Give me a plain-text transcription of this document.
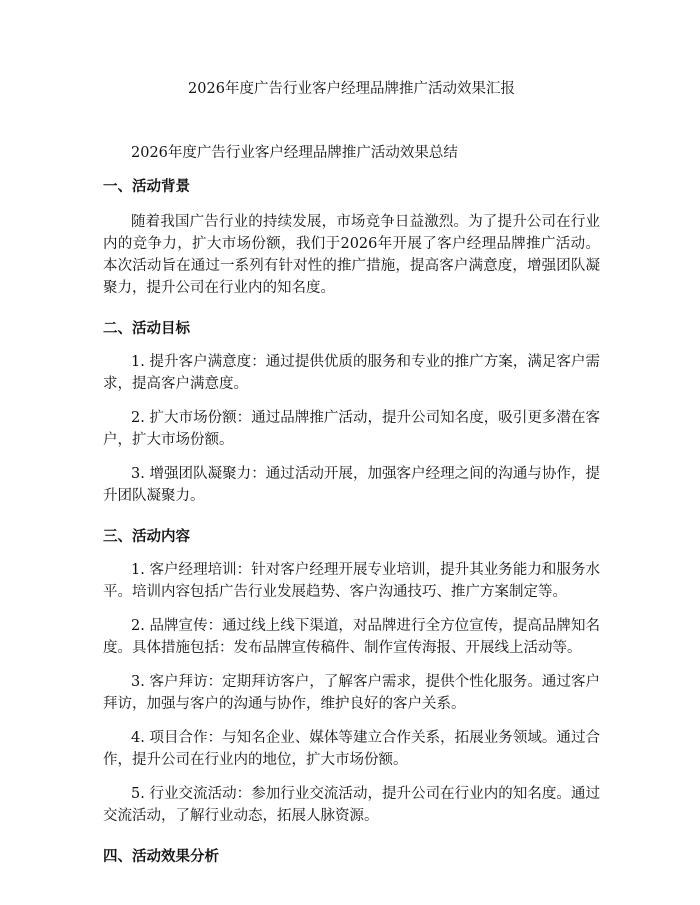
2026年度广告行业客户经理品牌推广活动效果汇报

2026年度广告行业客户经理品牌推广活动效果总结

一、活动背景

随着我国广告行业的持续发展，市场竞争日益激烈。为了提升公司在行业内的竞争力，扩大市场份额，我们于2026年开展了客户经理品牌推广活动。本次活动旨在通过一系列有针对性的推广措施，提高客户满意度，增强团队凝聚力，提升公司在行业内的知名度。

二、活动目标

1. 提升客户满意度：通过提供优质的服务和专业的推广方案，满足客户需求，提高客户满意度。

2. 扩大市场份额：通过品牌推广活动，提升公司知名度，吸引更多潜在客户，扩大市场份额。

3. 增强团队凝聚力：通过活动开展，加强客户经理之间的沟通与协作，提升团队凝聚力。

三、活动内容

1. 客户经理培训：针对客户经理开展专业培训，提升其业务能力和服务水平。培训内容包括广告行业发展趋势、客户沟通技巧、推广方案制定等。

2. 品牌宣传：通过线上线下渠道，对品牌进行全方位宣传，提高品牌知名度。具体措施包括：发布品牌宣传稿件、制作宣传海报、开展线上活动等。

3. 客户拜访：定期拜访客户，了解客户需求，提供个性化服务。通过客户拜访，加强与客户的沟通与协作，维护良好的客户关系。

4. 项目合作：与知名企业、媒体等建立合作关系，拓展业务领域。通过合作，提升公司在行业内的地位，扩大市场份额。

5. 行业交流活动：参加行业交流活动，提升公司在行业内的知名度。通过交流活动，了解行业动态，拓展人脉资源。

四、活动效果分析
